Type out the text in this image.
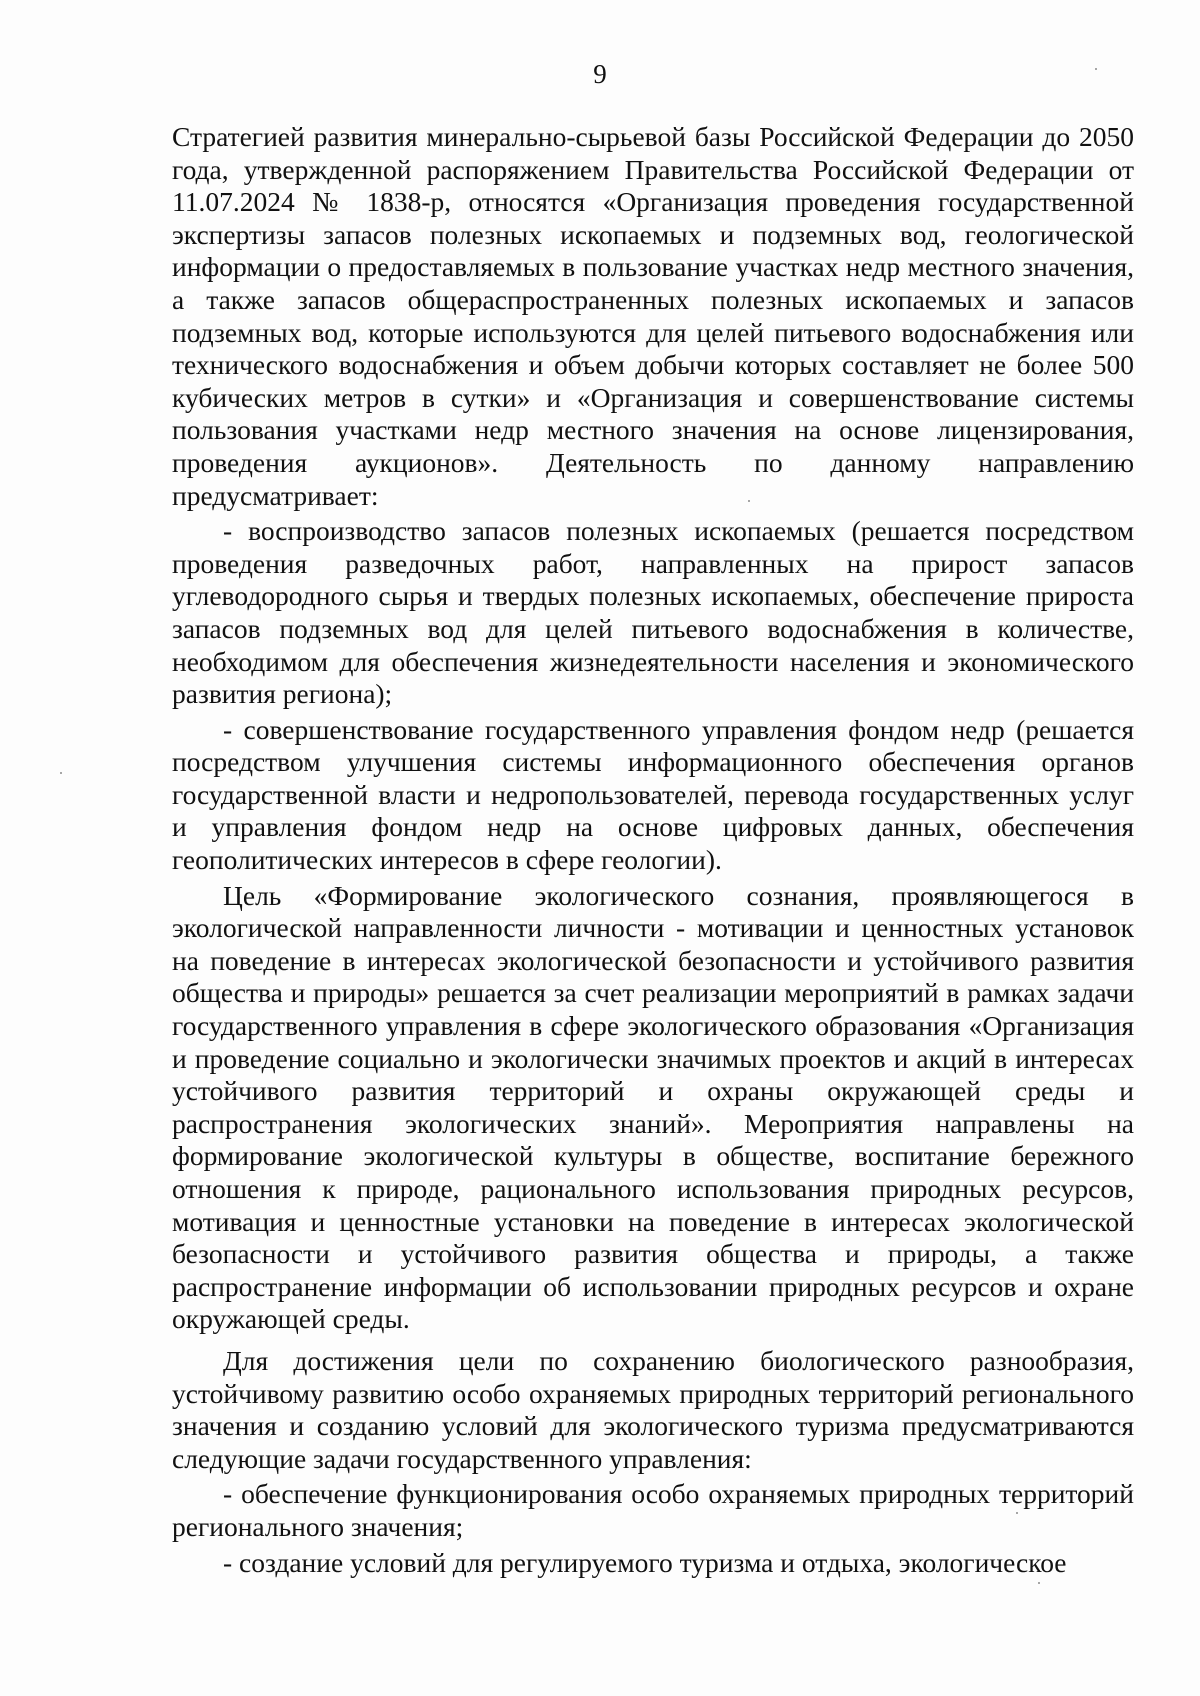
9

Стратегией развития минерально-сырьевой базы Российской Федерации до 2050 года, утвержденной распоряжением Правительства Российской Федерации от 11.07.2024 № 1838-р, относятся «Организация проведения государственной экспертизы запасов полезных ископаемых и подземных вод, геологической информации о предоставляемых в пользование участках недр местного значения, а также запасов общераспространенных полезных ископаемых и запасов подземных вод, которые используются для целей питьевого водоснабжения или технического водоснабжения и объем добычи которых составляет не более 500 кубических метров в сутки» и «Организация и совершенствование системы пользования участками недр местного значения на основе лицензирования, проведения аукционов». Деятельность по данному направлению предусматривает:

- воспроизводство запасов полезных ископаемых (решается посредством проведения разведочных работ, направленных на прирост запасов углеводородного сырья и твердых полезных ископаемых, обеспечение прироста запасов подземных вод для целей питьевого водоснабжения в количестве, необходимом для обеспечения жизнедеятельности населения и экономического развития региона);

- совершенствование государственного управления фондом недр (решается посредством улучшения системы информационного обеспечения органов государственной власти и недропользователей, перевода государственных услуг и управления фондом недр на основе цифровых данных, обеспечения геополитических интересов в сфере геологии).

Цель «Формирование экологического сознания, проявляющегося в экологической направленности личности - мотивации и ценностных установок на поведение в интересах экологической безопасности и устойчивого развития общества и природы» решается за счет реализации мероприятий в рамках задачи государственного управления в сфере экологического образования «Организация и проведение социально и экологически значимых проектов и акций в интересах устойчивого развития территорий и охраны окружающей среды и распространения экологических знаний». Мероприятия направлены на формирование экологической культуры в обществе, воспитание бережного отношения к природе, рационального использования природных ресурсов, мотивация и ценностные установки на поведение в интересах экологической безопасности и устойчивого развития общества и природы, а также распространение информации об использовании природных ресурсов и охране окружающей среды.

Для достижения цели по сохранению биологического разнообразия, устойчивому развитию особо охраняемых природных территорий регионального значения и созданию условий для экологического туризма предусматриваются следующие задачи государственного управления:

- обеспечение функционирования особо охраняемых природных территорий регионального значения;

- создание условий для регулируемого туризма и отдыха, экологическое
